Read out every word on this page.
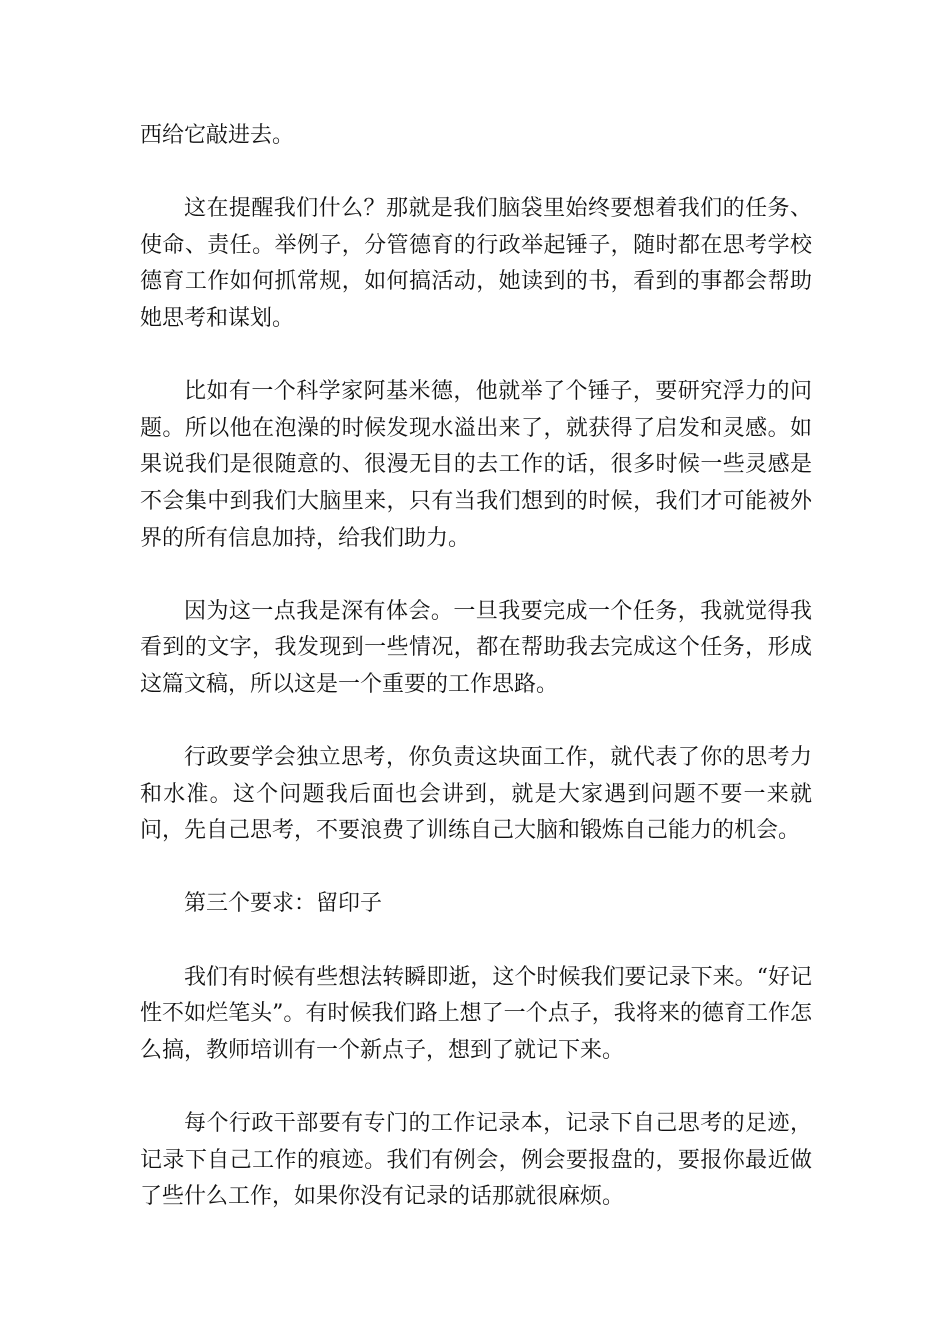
西给它敲进去。

这在提醒我们什么？那就是我们脑袋里始终要想着我们的任务、使命、责任。举例子，分管德育的行政举起锤子，随时都在思考学校德育工作如何抓常规，如何搞活动，她读到的书，看到的事都会帮助她思考和谋划。

比如有一个科学家阿基米德，他就举了个锤子，要研究浮力的问题。所以他在泡澡的时候发现水溢出来了，就获得了启发和灵感。如果说我们是很随意的、很漫无目的去工作的话，很多时候一些灵感是不会集中到我们大脑里来，只有当我们想到的时候，我们才可能被外界的所有信息加持，给我们助力。

因为这一点我是深有体会。一旦我要完成一个任务，我就觉得我看到的文字，我发现到一些情况，都在帮助我去完成这个任务，形成这篇文稿，所以这是一个重要的工作思路。

行政要学会独立思考，你负责这块面工作，就代表了你的思考力和水准。这个问题我后面也会讲到，就是大家遇到问题不要一来就问，先自己思考，不要浪费了训练自己大脑和锻炼自己能力的机会。

第三个要求：留印子

我们有时候有些想法转瞬即逝，这个时候我们要记录下来。“好记性不如烂笔头”。有时候我们路上想了一个点子，我将来的德育工作怎么搞，教师培训有一个新点子，想到了就记下来。

每个行政干部要有专门的工作记录本，记录下自己思考的足迹，记录下自己工作的痕迹。我们有例会，例会要报盘的，要报你最近做了些什么工作，如果你没有记录的话那就很麻烦。
